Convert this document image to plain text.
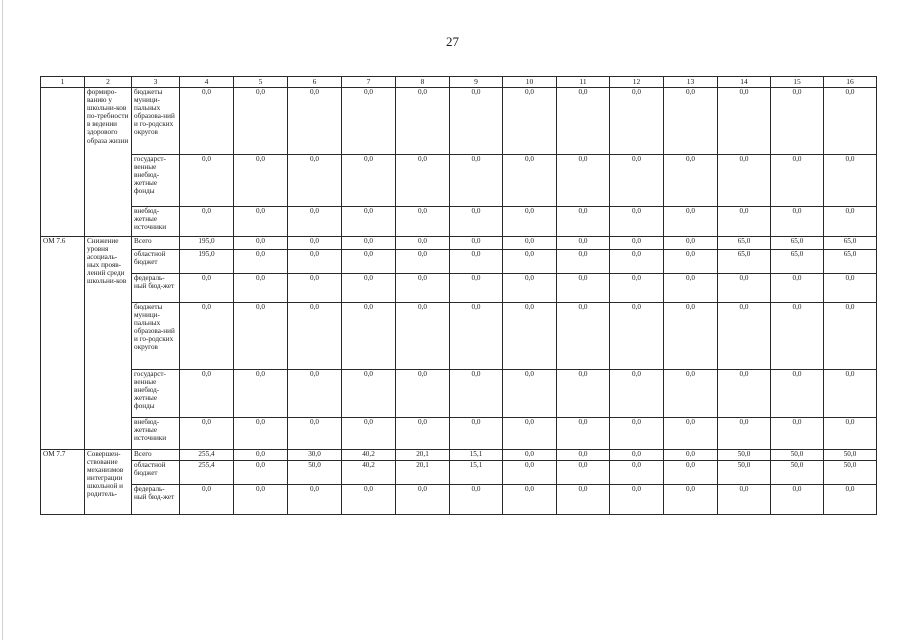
27
1	2	3	4	5	6	7	8	9	10	11	12	13	14	15	16
	формиро-ванию у школьни-ков по-требности в ведении здорового образа жизни	бюджеты муници-пальных образова-ний и го-родских округов	0,0	0,0	0,0	0,0	0,0	0,0	0,0	0,0	0,0	0,0	0,0	0,0	0,0
		государст-венные внебюд-жетные фонды	0,0	0,0	0,0	0,0	0,0	0,0	0,0	0,0	0,0	0,0	0,0	0,0	0,0
		внебюд-жетные источники	0,0	0,0	0,0	0,0	0,0	0,0	0,0	0,0	0,0	0,0	0,0	0,0	0,0
ОМ 7.6	Снижение уровня асоциаль-ных прояв-лений среди школьни-ков	Всего	195,0	0,0	0,0	0,0	0,0	0,0	0,0	0,0	0,0	0,0	65,0	65,0	65,0
		областной бюджет	195,0	0,0	0,0	0,0	0,0	0,0	0,0	0,0	0,0	0,0	65,0	65,0	65,0
		федераль-ный бюд-жет	0,0	0,0	0,0	0,0	0,0	0,0	0,0	0,0	0,0	0,0	0,0	0,0	0,0
		бюджеты муници-пальных образова-ний и го-родских округов	0,0	0,0	0,0	0,0	0,0	0,0	0,0	0,0	0,0	0,0	0,0	0,0	0,0
		государст-венные внебюд-жетные фонды	0,0	0,0	0,0	0,0	0,0	0,0	0,0	0,0	0,0	0,0	0,0	0,0	0,0
		внебюд-жетные источники	0,0	0,0	0,0	0,0	0,0	0,0	0,0	0,0	0,0	0,0	0,0	0,0	0,0
ОМ 7.7	Совершен-ствование механизмов интеграции школьной и родитель-	Всего	255,4	0,0	30,0	40,2	20,1	15,1	0,0	0,0	0,0	0,0	50,0	50,0	50,0
		областной бюджет	255,4	0,0	50,0	40,2	20,1	15,1	0,0	0,0	0,0	0,0	50,0	50,0	50,0
		федераль-ный бюд-жет	0,0	0,0	0,0	0,0	0,0	0,0	0,0	0,0	0,0	0,0	0,0	0,0	0,0
